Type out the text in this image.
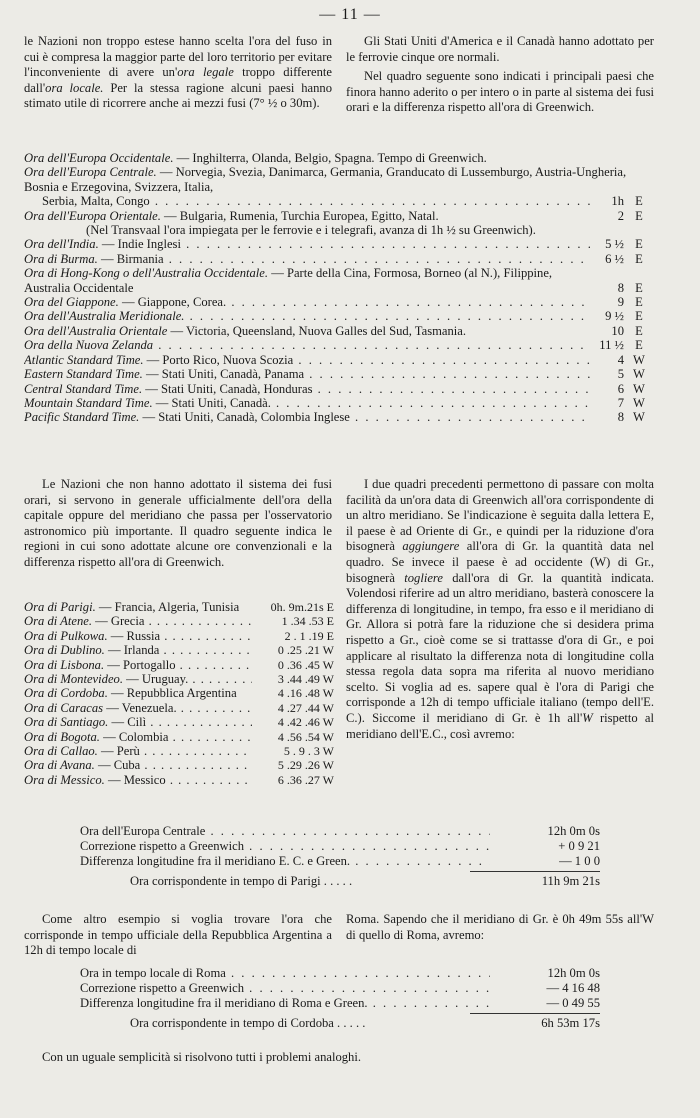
— 11 —

le Nazioni non troppo estese hanno scelta l'ora del fuso in cui è compresa la maggior parte del loro territorio per evitare l'inconveniente di avere un'ora legale troppo differente dall'ora locale. Per la stessa ragione alcuni paesi hanno stimato utile di ricorrere anche ai mezzi fusi (7° ½ o 30m).

Gli Stati Uniti d'America e il Canadà hanno adottato per le ferrovie cinque ore normali.

Nel quadro seguente sono indicati i principali paesi che finora hanno aderito o per intero o in parte al sistema dei fusi orari e la differenza rispetto all'ora di Greenwich.

Ora dell'Europa Occidentale. — Inghilterra, Olanda, Belgio, Spagna. Tempo di Greenwich.
Ora dell'Europa Centrale. — Norvegia, Svezia, Danimarca, Germania, Granducato di Lussemburgo, Austria-Ungheria, Bosnia e Erzegovina, Svizzera, Italia,
Serbia, Malta, Congo . . .	1h E
Ora dell'Europa Orientale. — Bulgaria, Rumenia, Turchia Europea, Egitto, Natal.	2 E
(Nel Transvaal l'ora impiegata per le ferrovie e i telegrafi, avanza di 1h ½ su Greenwich).
Ora dell'India. — Indie Inglesi . . .	5 ½ E
Ora di Burma. — Birmania . . .	6 ½ E
Ora di Hong-Kong o dell'Australia Occidentale. — Parte della Cina, Formosa, Borneo (al N.), Filippine, Australia Occidentale	8 E
Ora del Giappone. — Giappone, Corea. . . .	9 E
Ora dell'Australia Meridionale. . . .	9 ½ E
Ora dell'Australia Orientale — Victoria, Queensland, Nuova Galles del Sud, Tasmania.	10 E
Ora della Nuova Zelanda . . .	11 ½ E
Atlantic Standard Time. — Porto Rico, Nuova Scozia . . .	4 W
Eastern Standard Time. — Stati Uniti, Canadà, Panama . . .	5 W
Central Standard Time. — Stati Uniti, Canadà, Honduras . . .	6 W
Mountain Standard Time. — Stati Uniti, Canadà. . . .	7 W
Pacific Standard Time. — Stati Uniti, Canadà, Colombia Inglese . . .	8 W

Le Nazioni che non hanno adottato il sistema dei fusi orari, si servono in generale ufficialmente dell'ora della capitale oppure del meridiano che passa per l'osservatorio astronomico più importante. Il quadro seguente indica le regioni in cui sono adottate alcune ore convenzionali e la differenza rispetto all'ora di Greenwich.

Ora di Parigi. — Francia, Algeria, Tunisia	0h. 9m.21s E
Ora di Atene. — Grecia . . .	1 .34 .53 E
Ora di Pulkowa. — Russia . . .	2 . 1 .19 E
Ora di Dublino. — Irlanda . . .	0 .25 .21 W
Ora di Lisbona. — Portogallo . . .	0 .36 .45 W
Ora di Montevideo. — Uruguay. . . .	3 .44 .49 W
Ora di Cordoba. — Repubblica Argentina	4 .16 .48 W
Ora di Caracas — Venezuela. . . .	4 .27 .44 W
Ora di Santiago. — Cilì . . .	4 .42 .46 W
Ora di Bogota. — Colombia . . .	4 .56 .54 W
Ora di Callao. — Perù . . .	5 . 9 . 3 W
Ora di Avana. — Cuba . . .	5 .29 .26 W
Ora di Messico. — Messico . . .	6 .36 .27 W

I due quadri precedenti permettono di passare con molta facilità da un'ora data di Greenwich all'ora corrispondente di un altro meridiano. Se l'indicazione è seguita dalla lettera E, il paese è ad Oriente di Gr., e quindi per la riduzione d'ora bisognerà aggiungere all'ora di Gr. la quantità data nel quadro. Se invece il paese è ad occidente (W) di Gr., bisognerà togliere dall'ora di Gr. la quantità indicata. Volendosi riferire ad un altro meridiano, basterà conoscere la differenza di longitudine, in tempo, fra esso e il meridiano di Gr. Allora si potrà fare la riduzione che si desidera prima rispetto a Gr., cioè come se si trattasse d'ora di Gr., e poi applicare al risultato la differenza nota di longitudine colla stessa regola data sopra ma riferita al nuovo meridiano scelto. Si voglia ad es. sapere qual è l'ora di Parigi che corrisponde a 12h di tempo ufficiale italiano (tempo dell'E. C.). Siccome il meridiano di Gr. è 1h all'W rispetto al meridiano dell'E.C., così avremo:

Ora dell'Europa Centrale . . .	12h 0m 0s
Correzione rispetto a Greenwich . . .	+ 0 9 21
Differenza longitudine fra il meridiano E. C. e Green. . . .	— 1 0 0
Ora corrispondente in tempo di Parigi . . . . .	11h 9m 21s

Come altro esempio si voglia trovare l'ora che corrisponde in tempo ufficiale della Repubblica Argentina a 12h di tempo locale di

Roma. Sapendo che il meridiano di Gr. è 0h 49m 55s all'W di quello di Roma, avremo:

Ora in tempo locale di Roma . . .	12h 0m 0s
Correzione rispetto a Greenwich . . .	— 4 16 48
Differenza longitudine fra il meridiano di Roma e Green. . . .	— 0 49 55
Ora corrispondente in tempo di Cordoba . . . . .	6h 53m 17s

Con un uguale semplicità si risolvono tutti i problemi analoghi.
